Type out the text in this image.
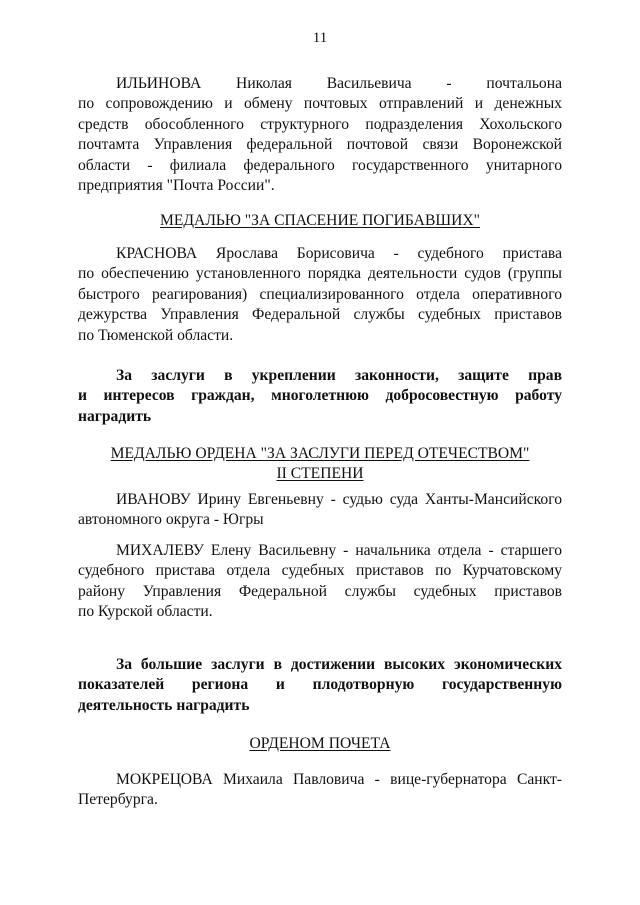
11
ИЛЬИНОВА Николая Васильевича - почтальона
по сопровождению и обмену почтовых отправлений и денежных
средств обособленного структурного подразделения Хохольского
почтамта Управления федеральной почтовой связи Воронежской
области - филиала федерального государственного унитарного
предприятия "Почта России".
МЕДАЛЬЮ "ЗА СПАСЕНИЕ ПОГИБАВШИХ"
КРАСНОВА Ярослава Борисовича - судебного пристава
по обеспечению установленного порядка деятельности судов (группы
быстрого реагирования) специализированного отдела оперативного
дежурства Управления Федеральной службы судебных приставов
по Тюменской области.
За заслуги в укреплении законности, защите прав
и интересов граждан, многолетнюю добросовестную работу
наградить
МЕДАЛЬЮ ОРДЕНА "ЗА ЗАСЛУГИ ПЕРЕД ОТЕЧЕСТВОМ"
II СТЕПЕНИ
ИВАНОВУ Ирину Евгеньевну - судью суда Ханты-Мансийского
автономного округа - Югры
МИХАЛЕВУ Елену Васильевну - начальника отдела - старшего
судебного пристава отдела судебных приставов по Курчатовскому
району Управления Федеральной службы судебных приставов
по Курской области.
За большие заслуги в достижении высоких экономических
показателей региона и плодотворную государственную
деятельность наградить
ОРДЕНОМ ПОЧЕТА
МОКРЕЦОВА Михаила Павловича - вице-губернатора Санкт-
Петербурга.
